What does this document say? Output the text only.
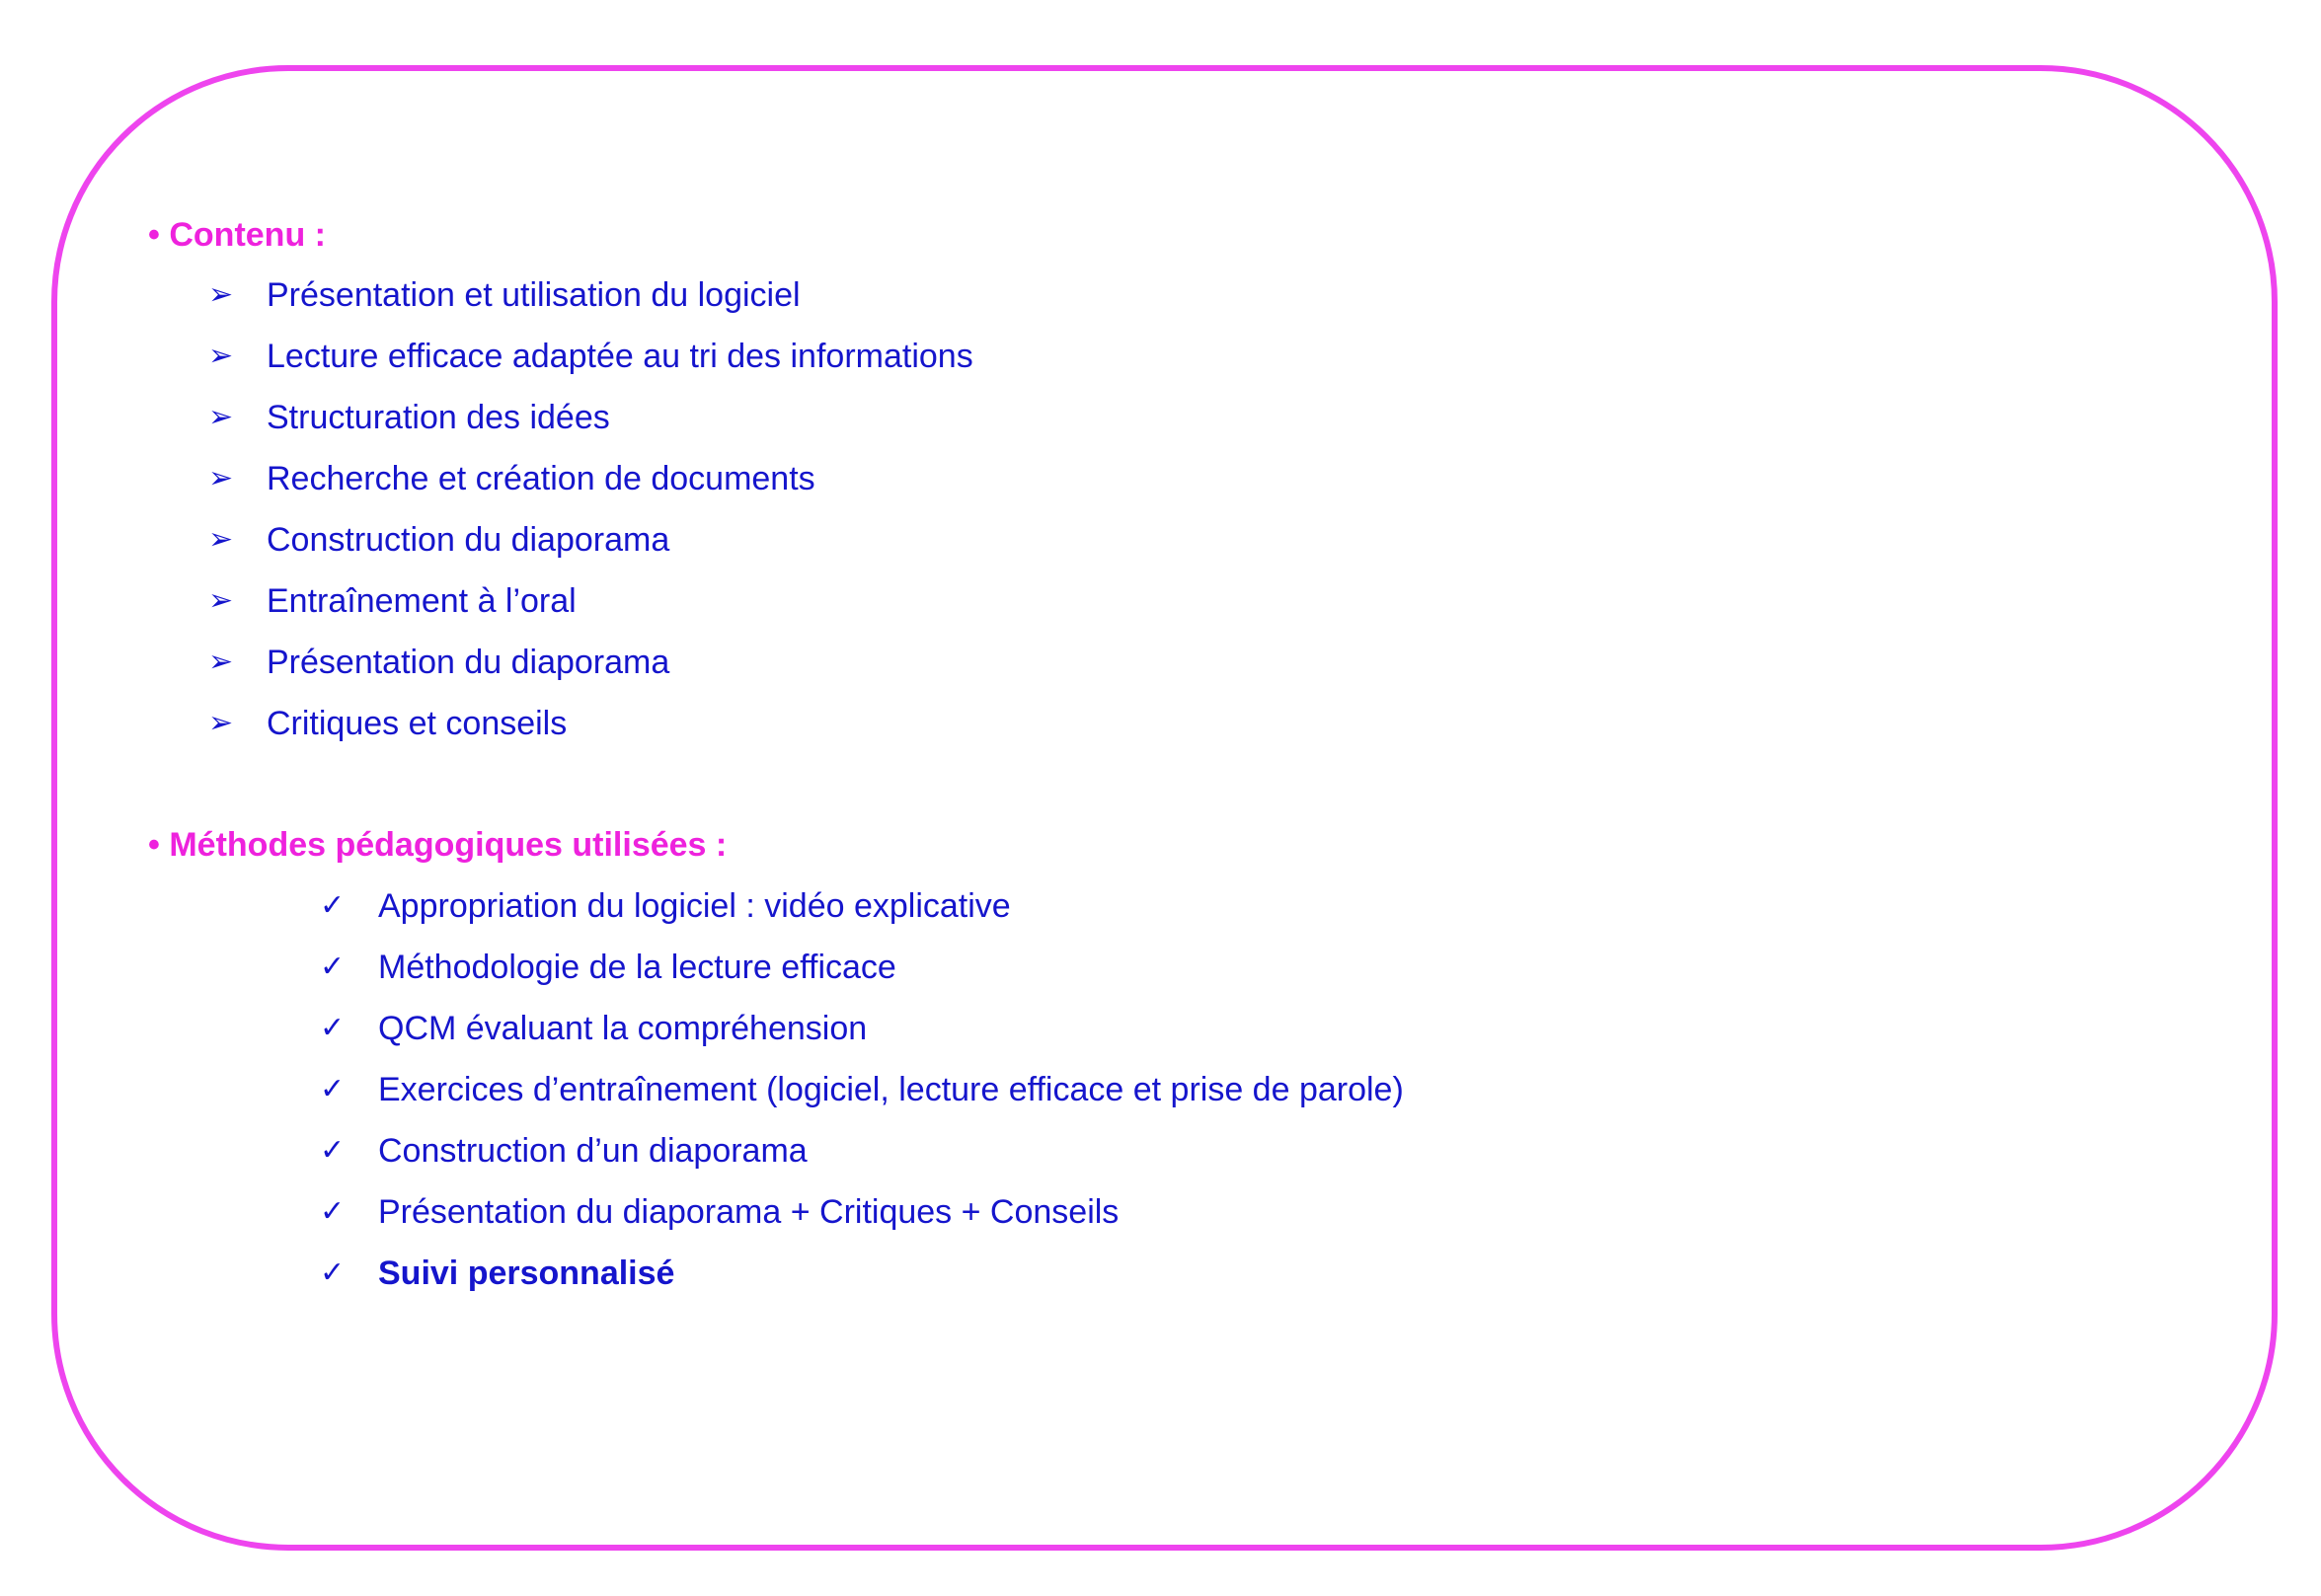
• Contenu :

➢ Présentation et utilisation du logiciel
➢ Lecture efficace adaptée au tri des informations
➢ Structuration des idées
➢ Recherche et création de documents
➢ Construction du diaporama
➢ Entraînement à l’oral
➢ Présentation du diaporama
➢ Critiques et conseils

• Méthodes pédagogiques utilisées :

✓ Appropriation du logiciel : vidéo explicative
✓ Méthodologie de la lecture efficace
✓ QCM évaluant la compréhension
✓ Exercices d’entraînement (logiciel, lecture efficace et prise de parole)
✓ Construction d’un diaporama
✓ Présentation du diaporama + Critiques + Conseils
✓ Suivi personnalisé
